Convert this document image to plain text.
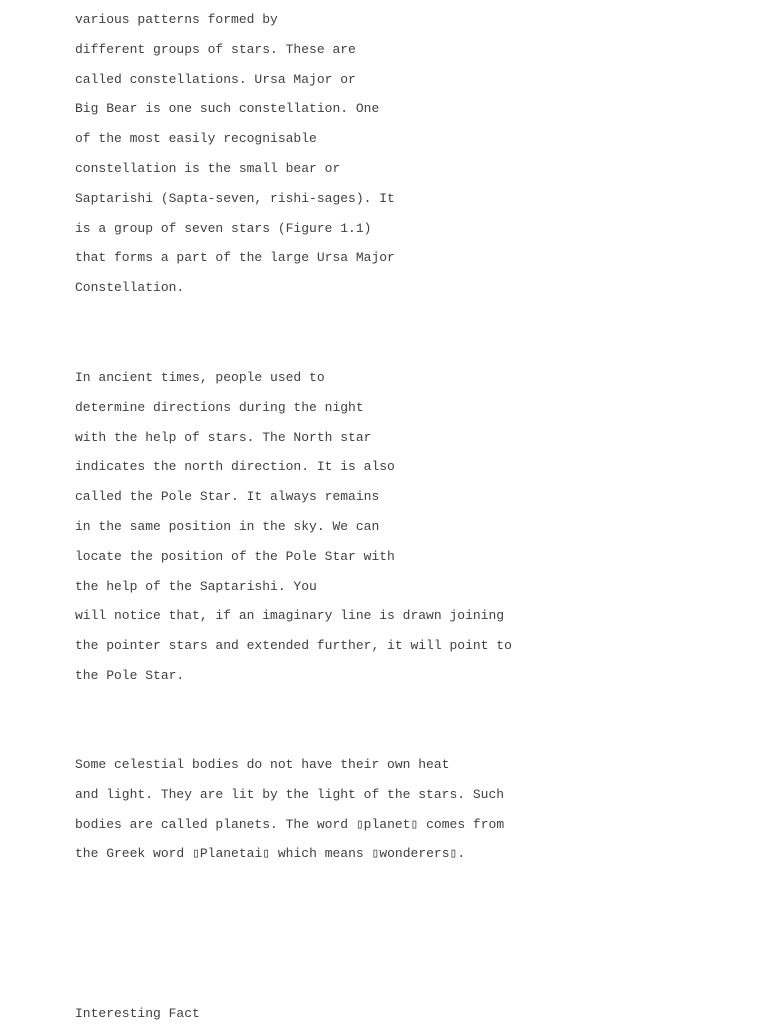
various patterns formed by
different groups of stars. These are
called constellations. Ursa Major or
Big Bear is one such constellation. One
of the most easily recognisable
constellation is the small bear or
Saptarishi (Sapta-seven, rishi-sages). It
is a group of seven stars (Figure 1.1)
that forms a part of the large Ursa Major
Constellation.
In ancient times, people used to
determine directions during the night
with the help of stars. The North star
indicates the north direction. It is also
called the Pole Star. It always remains
in the same position in the sky. We can
locate the position of the Pole Star with
the help of the Saptarishi. You
will notice that, if an imaginary line is drawn joining
the pointer stars and extended further, it will point to
the Pole Star.
Some celestial bodies do not have their own heat
and light. They are lit by the light of the stars. Such
bodies are called planets. The word ▯planet▯ comes from
the Greek word ▯Planetai▯ which means ▯wonderers▯.
Interesting Fact
